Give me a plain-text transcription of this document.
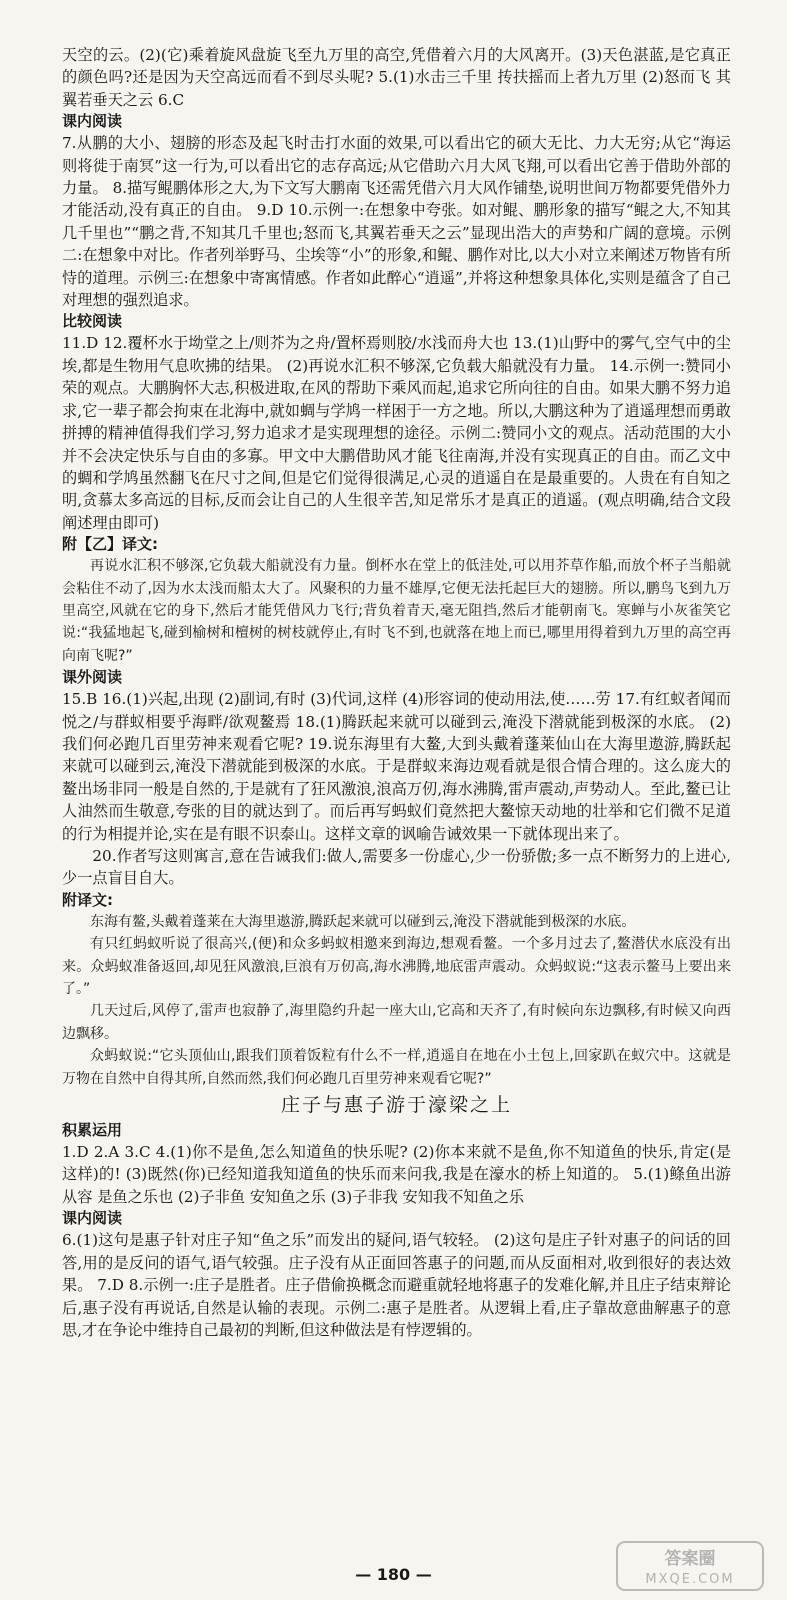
天空的云。(2)(它)乘着旋风盘旋飞至九万里的高空,凭借着六月的大风离开。(3)天色湛蓝,是它真正的颜色吗?还是因为天空高远而看不到尽头呢? 5.(1)水击三千里 抟扶摇而上者九万里 (2)怒而飞 其翼若垂天之云 6.C

课内阅读

7.从鹏的大小、翅膀的形态及起飞时击打水面的效果,可以看出它的硕大无比、力大无穷;从它“海运则将徙于南冥”这一行为,可以看出它的志存高远;从它借助六月大风飞翔,可以看出它善于借助外部的力量。 8.描写鲲鹏体形之大,为下文写大鹏南飞还需凭借六月大风作铺垫,说明世间万物都要凭借外力才能活动,没有真正的自由。 9.D 10.示例一:在想象中夸张。如对鲲、鹏形象的描写“鲲之大,不知其几千里也”“鹏之背,不知其几千里也;怒而飞,其翼若垂天之云”显现出浩大的声势和广阔的意境。示例二:在想象中对比。作者列举野马、尘埃等“小”的形象,和鲲、鹏作对比,以大小对立来阐述万物皆有所恃的道理。示例三:在想象中寄寓情感。作者如此醉心“逍遥”,并将这种想象具体化,实则是蕴含了自己对理想的强烈追求。

比较阅读

11.D 12.覆杯水于坳堂之上/则芥为之舟/置杯焉则胶/水浅而舟大也 13.(1)山野中的雾气,空气中的尘埃,都是生物用气息吹拂的结果。 (2)再说水汇积不够深,它负载大船就没有力量。 14.示例一:赞同小荣的观点。大鹏胸怀大志,积极进取,在风的帮助下乘风而起,追求它所向往的自由。如果大鹏不努力追求,它一辈子都会拘束在北海中,就如蜩与学鸠一样困于一方之地。所以,大鹏这种为了逍遥理想而勇敢拼搏的精神值得我们学习,努力追求才是实现理想的途径。示例二:赞同小文的观点。活动范围的大小并不会决定快乐与自由的多寡。甲文中大鹏借助风才能飞往南海,并没有实现真正的自由。而乙文中的蜩和学鸠虽然翻飞在尺寸之间,但是它们觉得很满足,心灵的逍遥自在是最重要的。人贵在有自知之明,贪慕太多高远的目标,反而会让自己的人生很辛苦,知足常乐才是真正的逍遥。(观点明确,结合文段阐述理由即可)

附【乙】译文:

再说水汇积不够深,它负载大船就没有力量。倒杯水在堂上的低洼处,可以用芥草作船,而放个杯子当船就会粘住不动了,因为水太浅而船太大了。风聚积的力量不雄厚,它便无法托起巨大的翅膀。所以,鹏鸟飞到九万里高空,风就在它的身下,然后才能凭借风力飞行;背负着青天,毫无阻挡,然后才能朝南飞。寒蝉与小灰雀笑它说:“我猛地起飞,碰到榆树和檀树的树枝就停止,有时飞不到,也就落在地上而已,哪里用得着到九万里的高空再向南飞呢?”

课外阅读

15.B 16.(1)兴起,出现 (2)副词,有时 (3)代词,这样 (4)形容词的使动用法,使……劳 17.有红蚁者闻而悦之/与群蚁相要乎海畔/欲观鳌焉 18.(1)腾跃起来就可以碰到云,淹没下潜就能到极深的水底。 (2)我们何必跑几百里劳神来观看它呢? 19.说东海里有大鳌,大到头戴着蓬莱仙山在大海里遨游,腾跃起来就可以碰到云,淹没下潜就能到极深的水底。于是群蚁来海边观看就是很合情合理的。这么庞大的鳌出场非同一般是自然的,于是就有了狂风激浪,浪高万仞,海水沸腾,雷声震动,声势动人。至此,鳌已让人油然而生敬意,夸张的目的就达到了。而后再写蚂蚁们竟然把大鳌惊天动地的壮举和它们微不足道的行为相提并论,实在是有眼不识泰山。这样文章的讽喻告诫效果一下就体现出来了。

20.作者写这则寓言,意在告诫我们:做人,需要多一份虚心,少一份骄傲;多一点不断努力的上进心,少一点盲目自大。

附译文:

东海有鳌,头戴着蓬莱在大海里遨游,腾跃起来就可以碰到云,淹没下潜就能到极深的水底。

有只红蚂蚁听说了很高兴,(便)和众多蚂蚁相邀来到海边,想观看鳌。一个多月过去了,鳌潜伏水底没有出来。众蚂蚁准备返回,却见狂风激浪,巨浪有万仞高,海水沸腾,地底雷声震动。众蚂蚁说:“这表示鳌马上要出来了。”

几天过后,风停了,雷声也寂静了,海里隐约升起一座大山,它高和天齐了,有时候向东边飘移,有时候又向西边飘移。

众蚂蚁说:“它头顶仙山,跟我们顶着饭粒有什么不一样,逍遥自在地在小土包上,回家趴在蚁穴中。这就是万物在自然中自得其所,自然而然,我们何必跑几百里劳神来观看它呢?”

庄子与惠子游于濠梁之上

积累运用

1.D 2.A 3.C 4.(1)你不是鱼,怎么知道鱼的快乐呢? (2)你本来就不是鱼,你不知道鱼的快乐,肯定(是这样)的! (3)既然(你)已经知道我知道鱼的快乐而来问我,我是在濠水的桥上知道的。 5.(1)鲦鱼出游从容 是鱼之乐也 (2)子非鱼 安知鱼之乐 (3)子非我 安知我不知鱼之乐

课内阅读

6.(1)这句是惠子针对庄子知“鱼之乐”而发出的疑问,语气较轻。 (2)这句是庄子针对惠子的问话的回答,用的是反问的语气,语气较强。庄子没有从正面回答惠子的问题,而从反面相对,收到很好的表达效果。 7.D 8.示例一:庄子是胜者。庄子借偷换概念而避重就轻地将惠子的发难化解,并且庄子结束辩论后,惠子没有再说话,自然是认输的表现。示例二:惠子是胜者。从逻辑上看,庄子靠故意曲解惠子的意思,才在争论中维持自己最初的判断,但这种做法是有悖逻辑的。

— 180 —
答案圈
MXQE.COM
